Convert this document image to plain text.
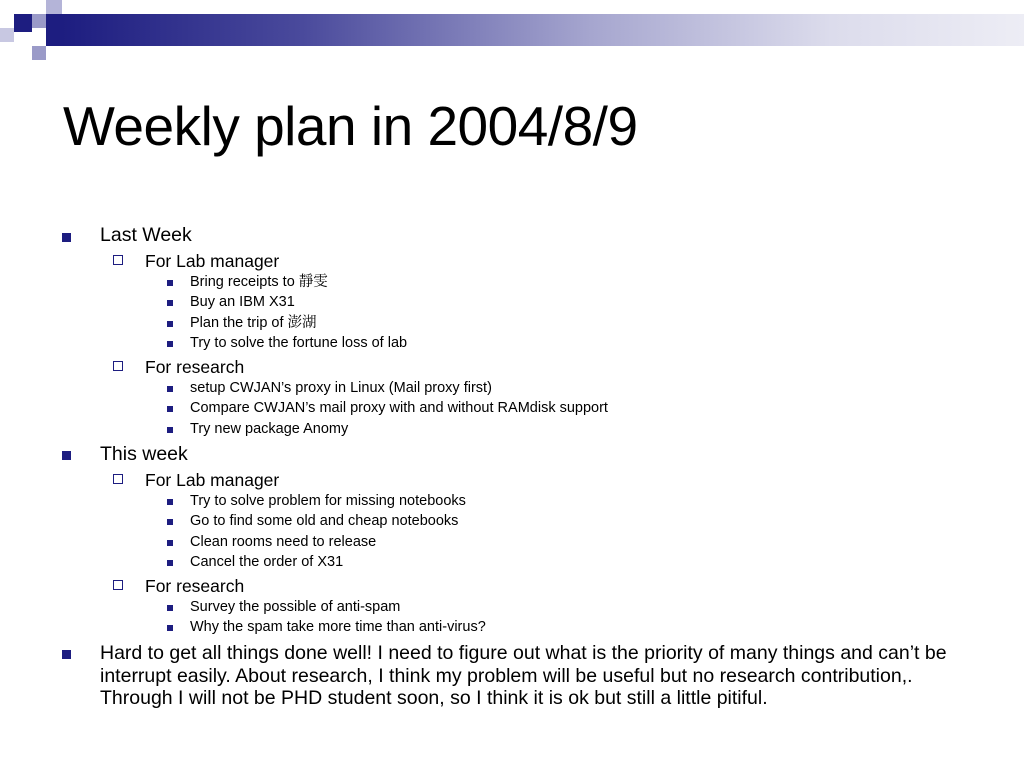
Weekly plan in 2004/8/9
Last Week
For Lab manager
Bring receipts to 靜雯
Buy an IBM X31
Plan the trip of 澎湖
Try to solve the fortune loss of lab
For research
setup CWJAN’s proxy in Linux (Mail proxy first)
Compare CWJAN’s mail proxy with and without RAMdisk support
Try new package Anomy
This week
For Lab manager
Try to solve problem for missing notebooks
Go to find some old and cheap notebooks
Clean rooms need to release
Cancel the order of X31
For research
Survey the possible of anti-spam
Why the spam take more time than anti-virus?

Hard to get all things done well! I need to figure out what is the priority of many things and can’t be interrupt easily. About research, I think my problem will be useful but no research contribution,. Through I will not be PHD student soon, so I think it is ok but still a little pitiful.
